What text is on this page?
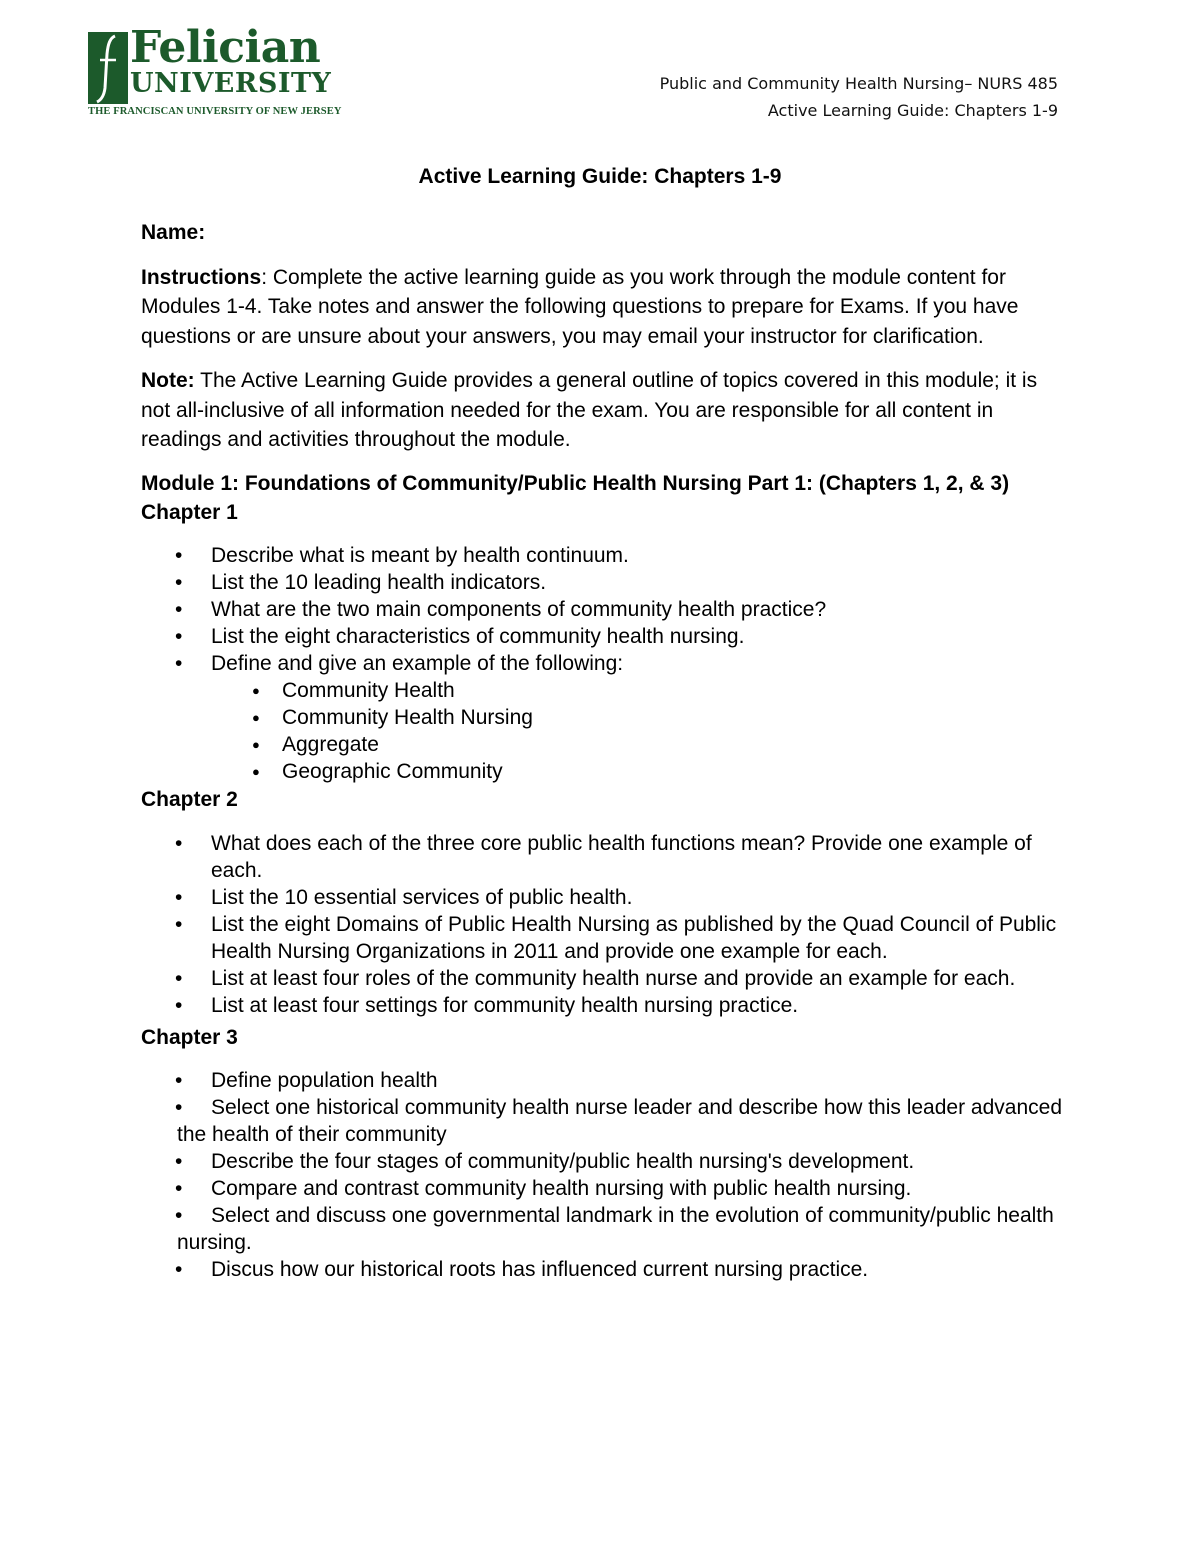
Felician
UNIVERSITY
THE FRANCISCAN UNIVERSITY OF NEW JERSEY
Public and Community Health Nursing– NURS 485
Active Learning Guide: Chapters 1-9
Active Learning Guide: Chapters 1-9

Name:

Instructions: Complete the active learning guide as you work through the module content for Modules 1-4. Take notes and answer the following questions to prepare for Exams. If you have questions or are unsure about your answers, you may email your instructor for clarification.

Note: The Active Learning Guide provides a general outline of topics covered in this module; it is not all-inclusive of all information needed for the exam. You are responsible for all content in readings and activities throughout the module.

Module 1: Foundations of Community/Public Health Nursing Part 1: (Chapters 1, 2, & 3)

Chapter 1

• Describe what is meant by health continuum.
• List the 10 leading health indicators.
• What are the two main components of community health practice?
• List the eight characteristics of community health nursing.
• Define and give an example of the following:
● Community Health
● Community Health Nursing
● Aggregate
● Geographic Community

Chapter 2

• What does each of the three core public health functions mean? Provide one example of each.
• List the 10 essential services of public health.
• List the eight Domains of Public Health Nursing as published by the Quad Council of Public Health Nursing Organizations in 2011 and provide one example for each.
• List at least four roles of the community health nurse and provide an example for each.
• List at least four settings for community health nursing practice.

Chapter 3

• Define population health
• Select one historical community health nurse leader and describe how this leader advanced the health of their community
• Describe the four stages of community/public health nursing's development.
• Compare and contrast community health nursing with public health nursing.
• Select and discuss one governmental landmark in the evolution of community/public health nursing.
• Discus how our historical roots has influenced current nursing practice.
